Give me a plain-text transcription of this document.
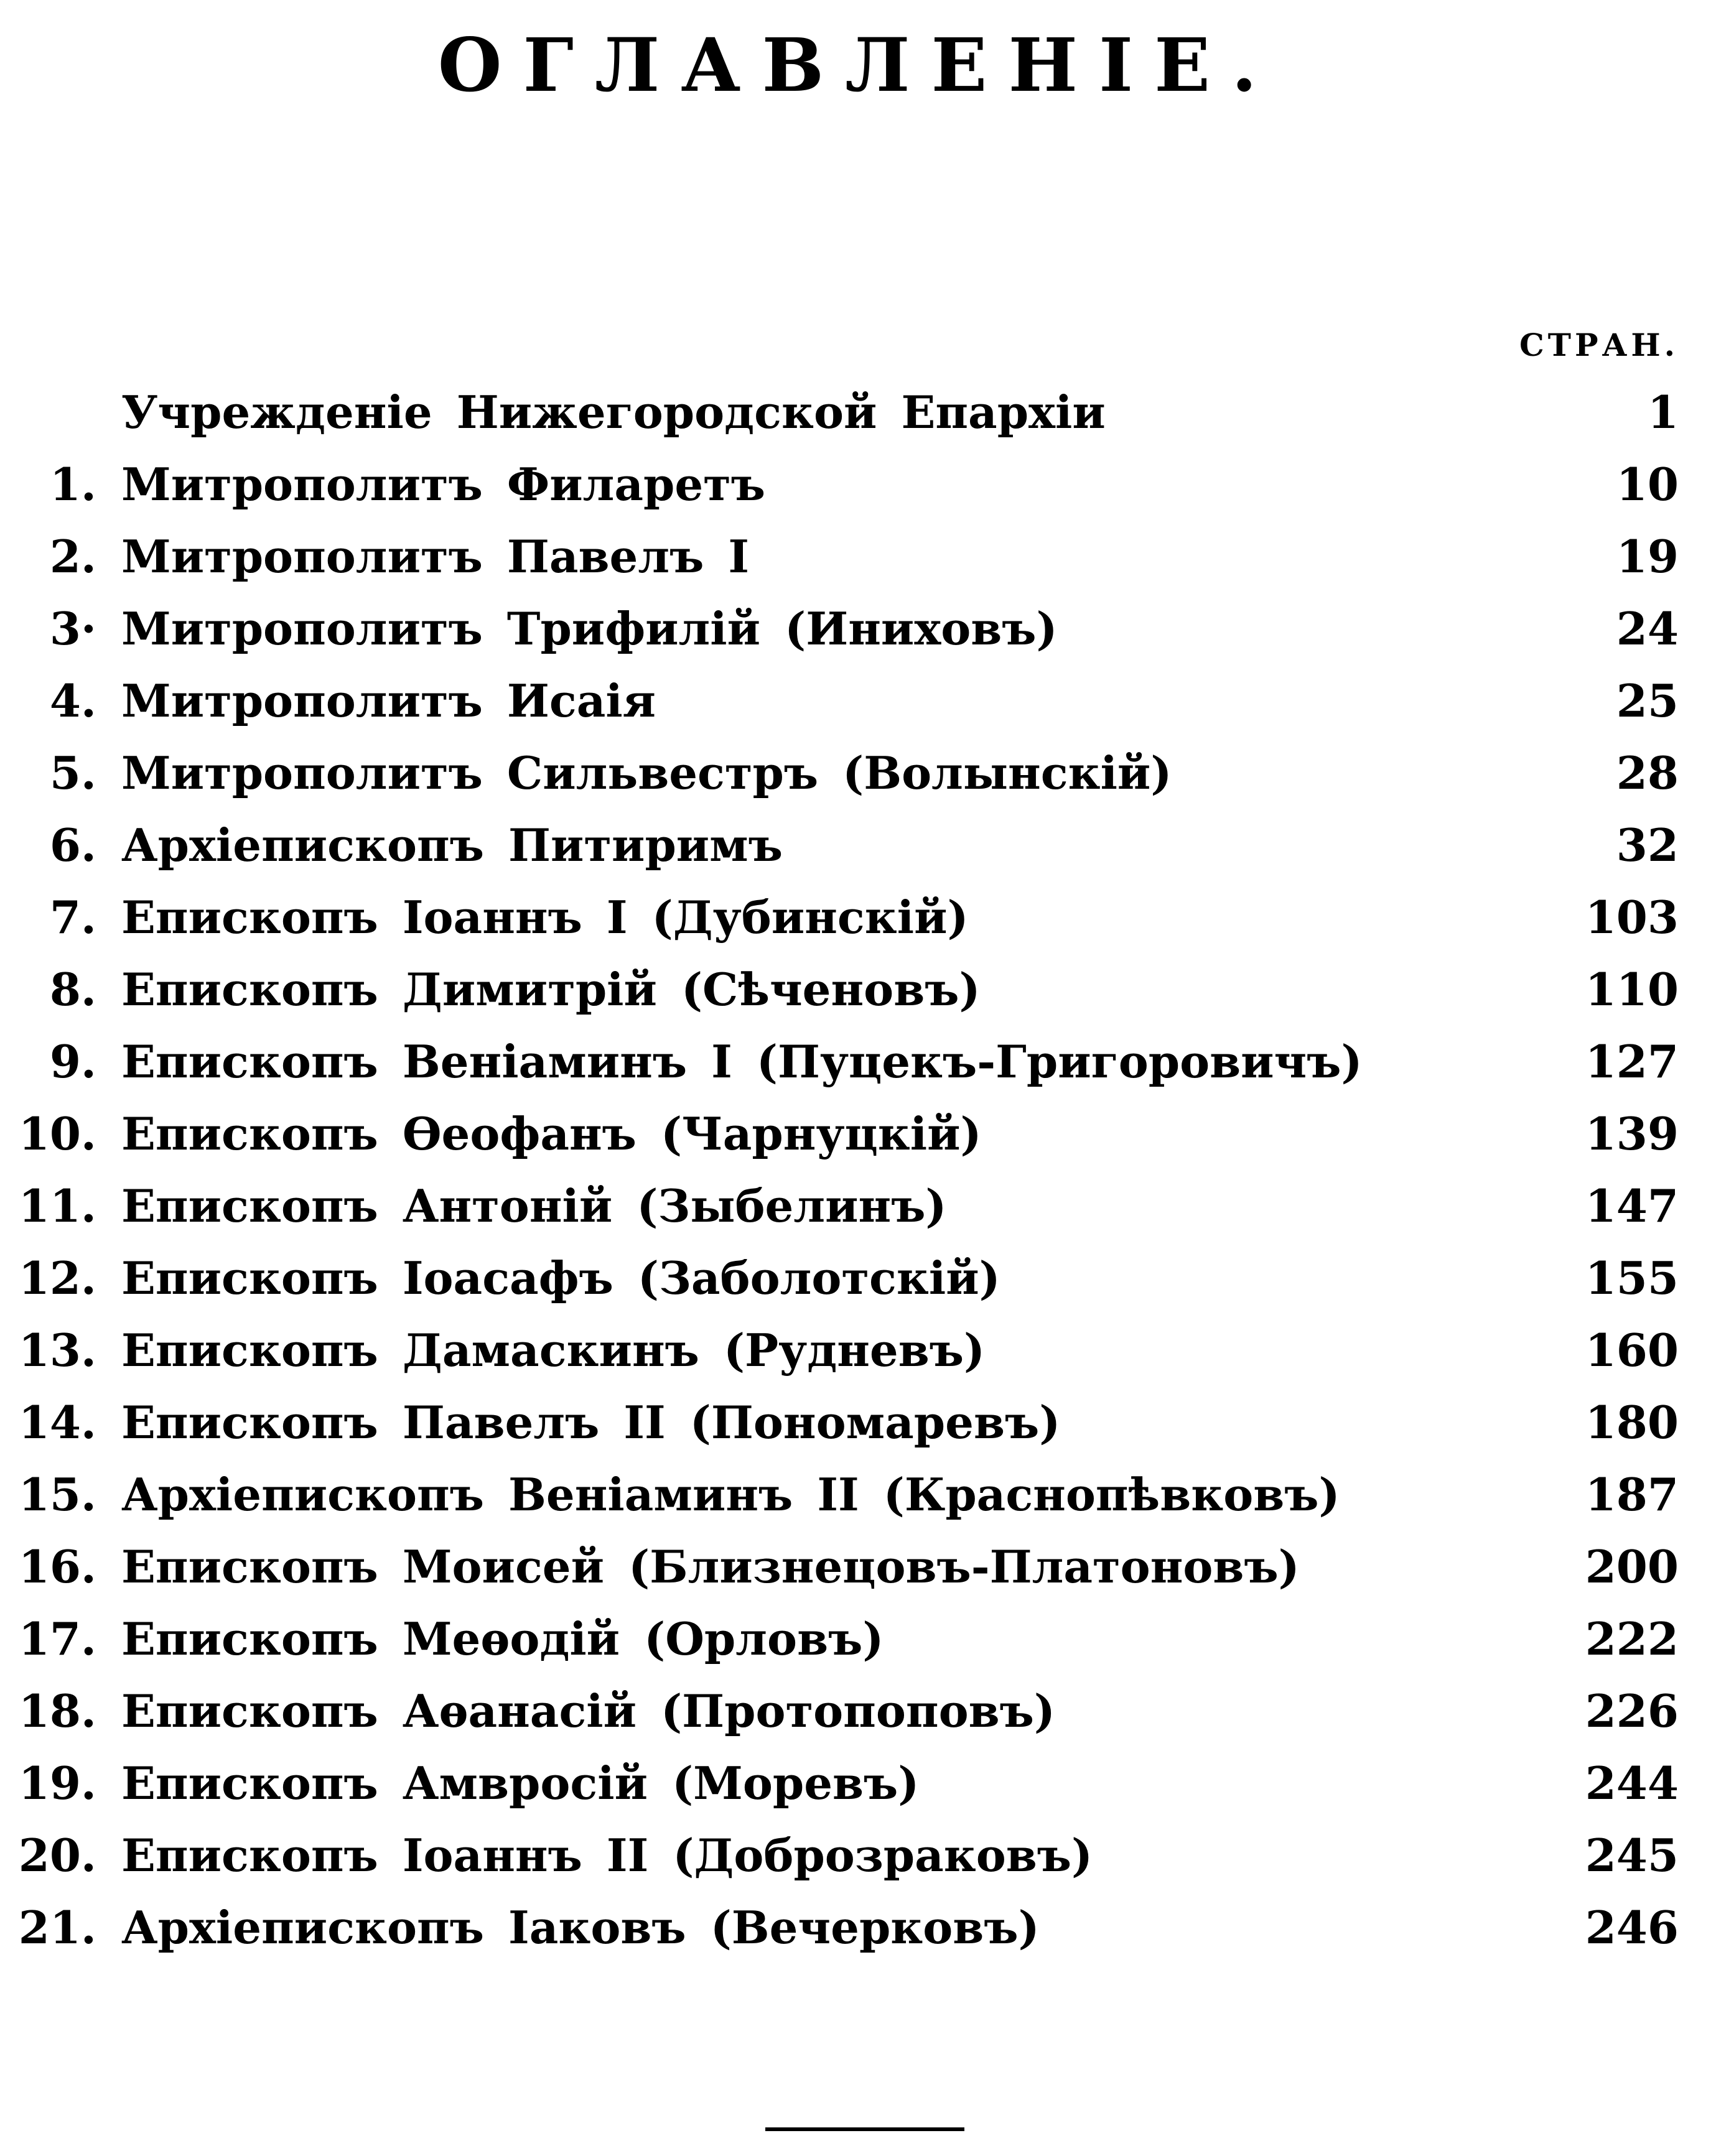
ОГЛАВЛЕНІЕ.
СТРАН.
Учрежденіе Нижегородской Епархіи	1
1. Митрополитъ Филаретъ	10
2. Митрополитъ Павелъ І	19
3· Митрополитъ Трифилій (Иниховъ)	24
4. Митрополитъ Исаія	25
5. Митрополитъ Сильвестръ (Волынскій)	28
6. Архіепископъ Питиримъ	32
7. Епископъ Іоаннъ І (Дубинскій)	103
8. Епископъ Димитрій (Сѣченовъ)	110
9. Епископъ Веніаминъ І (Пуцекъ-Григоровичъ)	127
10. Епископъ Ѳеофанъ (Чарнуцкій)	139
11. Епископъ Антоній (Зыбелинъ)	147
12. Епископъ Іоасафъ (Заболотскій)	155
13. Епископъ Дамаскинъ (Рудневъ)	160
14. Епископъ Павелъ ІІ (Пономаревъ)	180
15. Архіепископъ Веніаминъ ІІ (Краснопѣвковъ)	187
16. Епископъ Моисей (Близнецовъ-Платоновъ)	200
17. Епископъ Меѳодій (Орловъ)	222
18. Епископъ Аѳанасій (Протопоповъ)	226
19. Епископъ Амвросій (Моревъ)	244
20. Епископъ Іоаннъ ІІ (Доброзраковъ)	245
21. Архіепископъ Іаковъ (Вечерковъ)	246
